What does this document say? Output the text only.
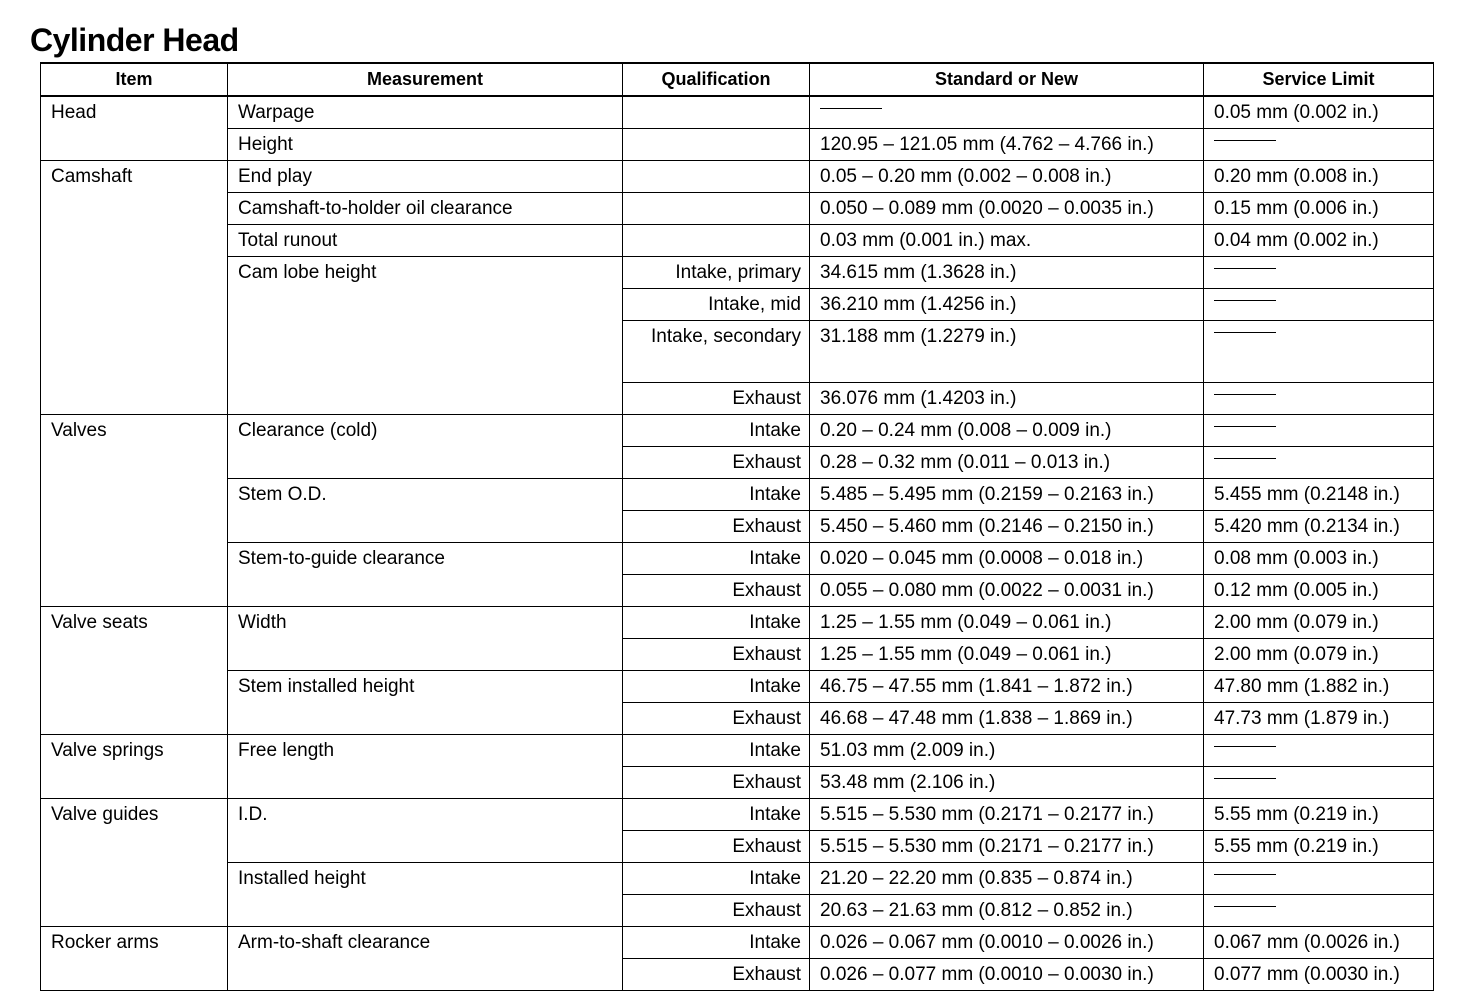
Cylinder Head
Item	Measurement	Qualification	Standard or New	Service Limit
Head	Warpage			0.05 mm (0.002 in.)
	Height		120.95 – 121.05 mm (4.762 – 4.766 in.)	
Camshaft	End play		0.05 – 0.20 mm (0.002 – 0.008 in.)	0.20 mm (0.008 in.)
	Camshaft-to-holder oil clearance		0.050 – 0.089 mm (0.0020 – 0.0035 in.)	0.15 mm (0.006 in.)
	Total runout		0.03 mm (0.001 in.) max.	0.04 mm (0.002 in.)
	Cam lobe height	Intake, primary	34.615 mm (1.3628 in.)	
		Intake, mid	36.210 mm (1.4256 in.)	
		Intake, secondary	31.188 mm (1.2279 in.)	
		Exhaust	36.076 mm (1.4203 in.)	
Valves	Clearance (cold)	Intake	0.20 – 0.24 mm (0.008 – 0.009 in.)	
		Exhaust	0.28 – 0.32 mm (0.011 – 0.013 in.)	
	Stem O.D.	Intake	5.485 – 5.495 mm (0.2159 – 0.2163 in.)	5.455 mm (0.2148 in.)
		Exhaust	5.450 – 5.460 mm (0.2146 – 0.2150 in.)	5.420 mm (0.2134 in.)
	Stem-to-guide clearance	Intake	0.020 – 0.045 mm (0.0008 – 0.018 in.)	0.08 mm (0.003 in.)
		Exhaust	0.055 – 0.080 mm (0.0022 – 0.0031 in.)	0.12 mm (0.005 in.)
Valve seats	Width	Intake	1.25 – 1.55 mm (0.049 – 0.061 in.)	2.00 mm (0.079 in.)
		Exhaust	1.25 – 1.55 mm (0.049 – 0.061 in.)	2.00 mm (0.079 in.)
	Stem installed height	Intake	46.75 – 47.55 mm (1.841 – 1.872 in.)	47.80 mm (1.882 in.)
		Exhaust	46.68 – 47.48 mm (1.838 – 1.869 in.)	47.73 mm (1.879 in.)
Valve springs	Free length	Intake	51.03 mm (2.009 in.)	
		Exhaust	53.48 mm (2.106 in.)	
Valve guides	I.D.	Intake	5.515 – 5.530 mm (0.2171 – 0.2177 in.)	5.55 mm (0.219 in.)
		Exhaust	5.515 – 5.530 mm (0.2171 – 0.2177 in.)	5.55 mm (0.219 in.)
	Installed height	Intake	21.20 – 22.20 mm (0.835 – 0.874 in.)	
		Exhaust	20.63 – 21.63 mm (0.812 – 0.852 in.)	
Rocker arms	Arm-to-shaft clearance	Intake	0.026 – 0.067 mm (0.0010 – 0.0026 in.)	0.067 mm (0.0026 in.)
		Exhaust	0.026 – 0.077 mm (0.0010 – 0.0030 in.)	0.077 mm (0.0030 in.)
